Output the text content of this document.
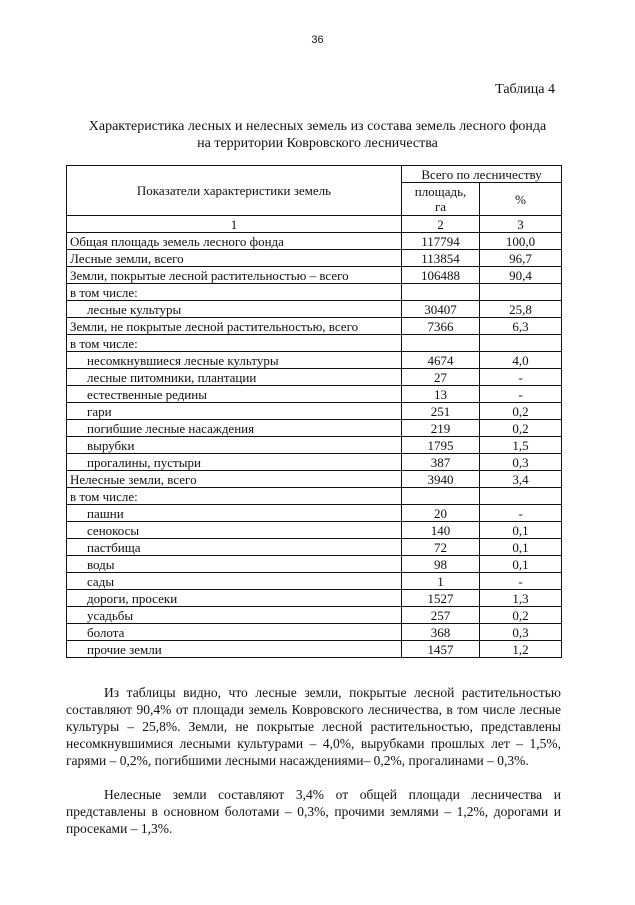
36
Таблица 4
Характеристика лесных и нелесных земель из состава земель лесного фонда
на территории Ковровского лесничества
Показатели характеристики земель	Всего по лесничеству	
	площадь, га	%
1	2	3
Общая площадь земель лесного фонда	117794	100,0
Лесные земли, всего	113854	96,7
Земли, покрытые лесной растительностью – всего	106488	90,4
в том числе:		
лесные культуры	30407	25,8
Земли, не покрытые лесной растительностью, всего	7366	6,3
в том числе:		
несомкнувшиеся лесные культуры	4674	4,0
лесные питомники, плантации	27	-
естественные редины	13	-
гари	251	0,2
погибшие лесные насаждения	219	0,2
вырубки	1795	1,5
прогалины, пустыри	387	0,3
Нелесные земли, всего	3940	3,4
в том числе:		
пашни	20	-
сенокосы	140	0,1
пастбища	72	0,1
воды	98	0,1
сады	1	-
дороги, просеки	1527	1,3
усадьбы	257	0,2
болота	368	0,3
прочие земли	1457	1,2
Из таблицы видно, что лесные земли, покрытые лесной растительностью составляют 90,4% от площади земель Ковровского лесничества, в том числе лесные культуры – 25,8%. Земли, не покрытые лесной растительностью, представлены несомкнувшимися лесными культурами – 4,0%, вырубками прошлых лет – 1,5%, гарями – 0,2%, погибшими лесными насаждениями– 0,2%, прогалинами – 0,3%.
Нелесные земли составляют 3,4% от общей площади лесничества и представлены в основном болотами – 0,3%, прочими землями – 1,2%, дорогами и просеками – 1,3%.
